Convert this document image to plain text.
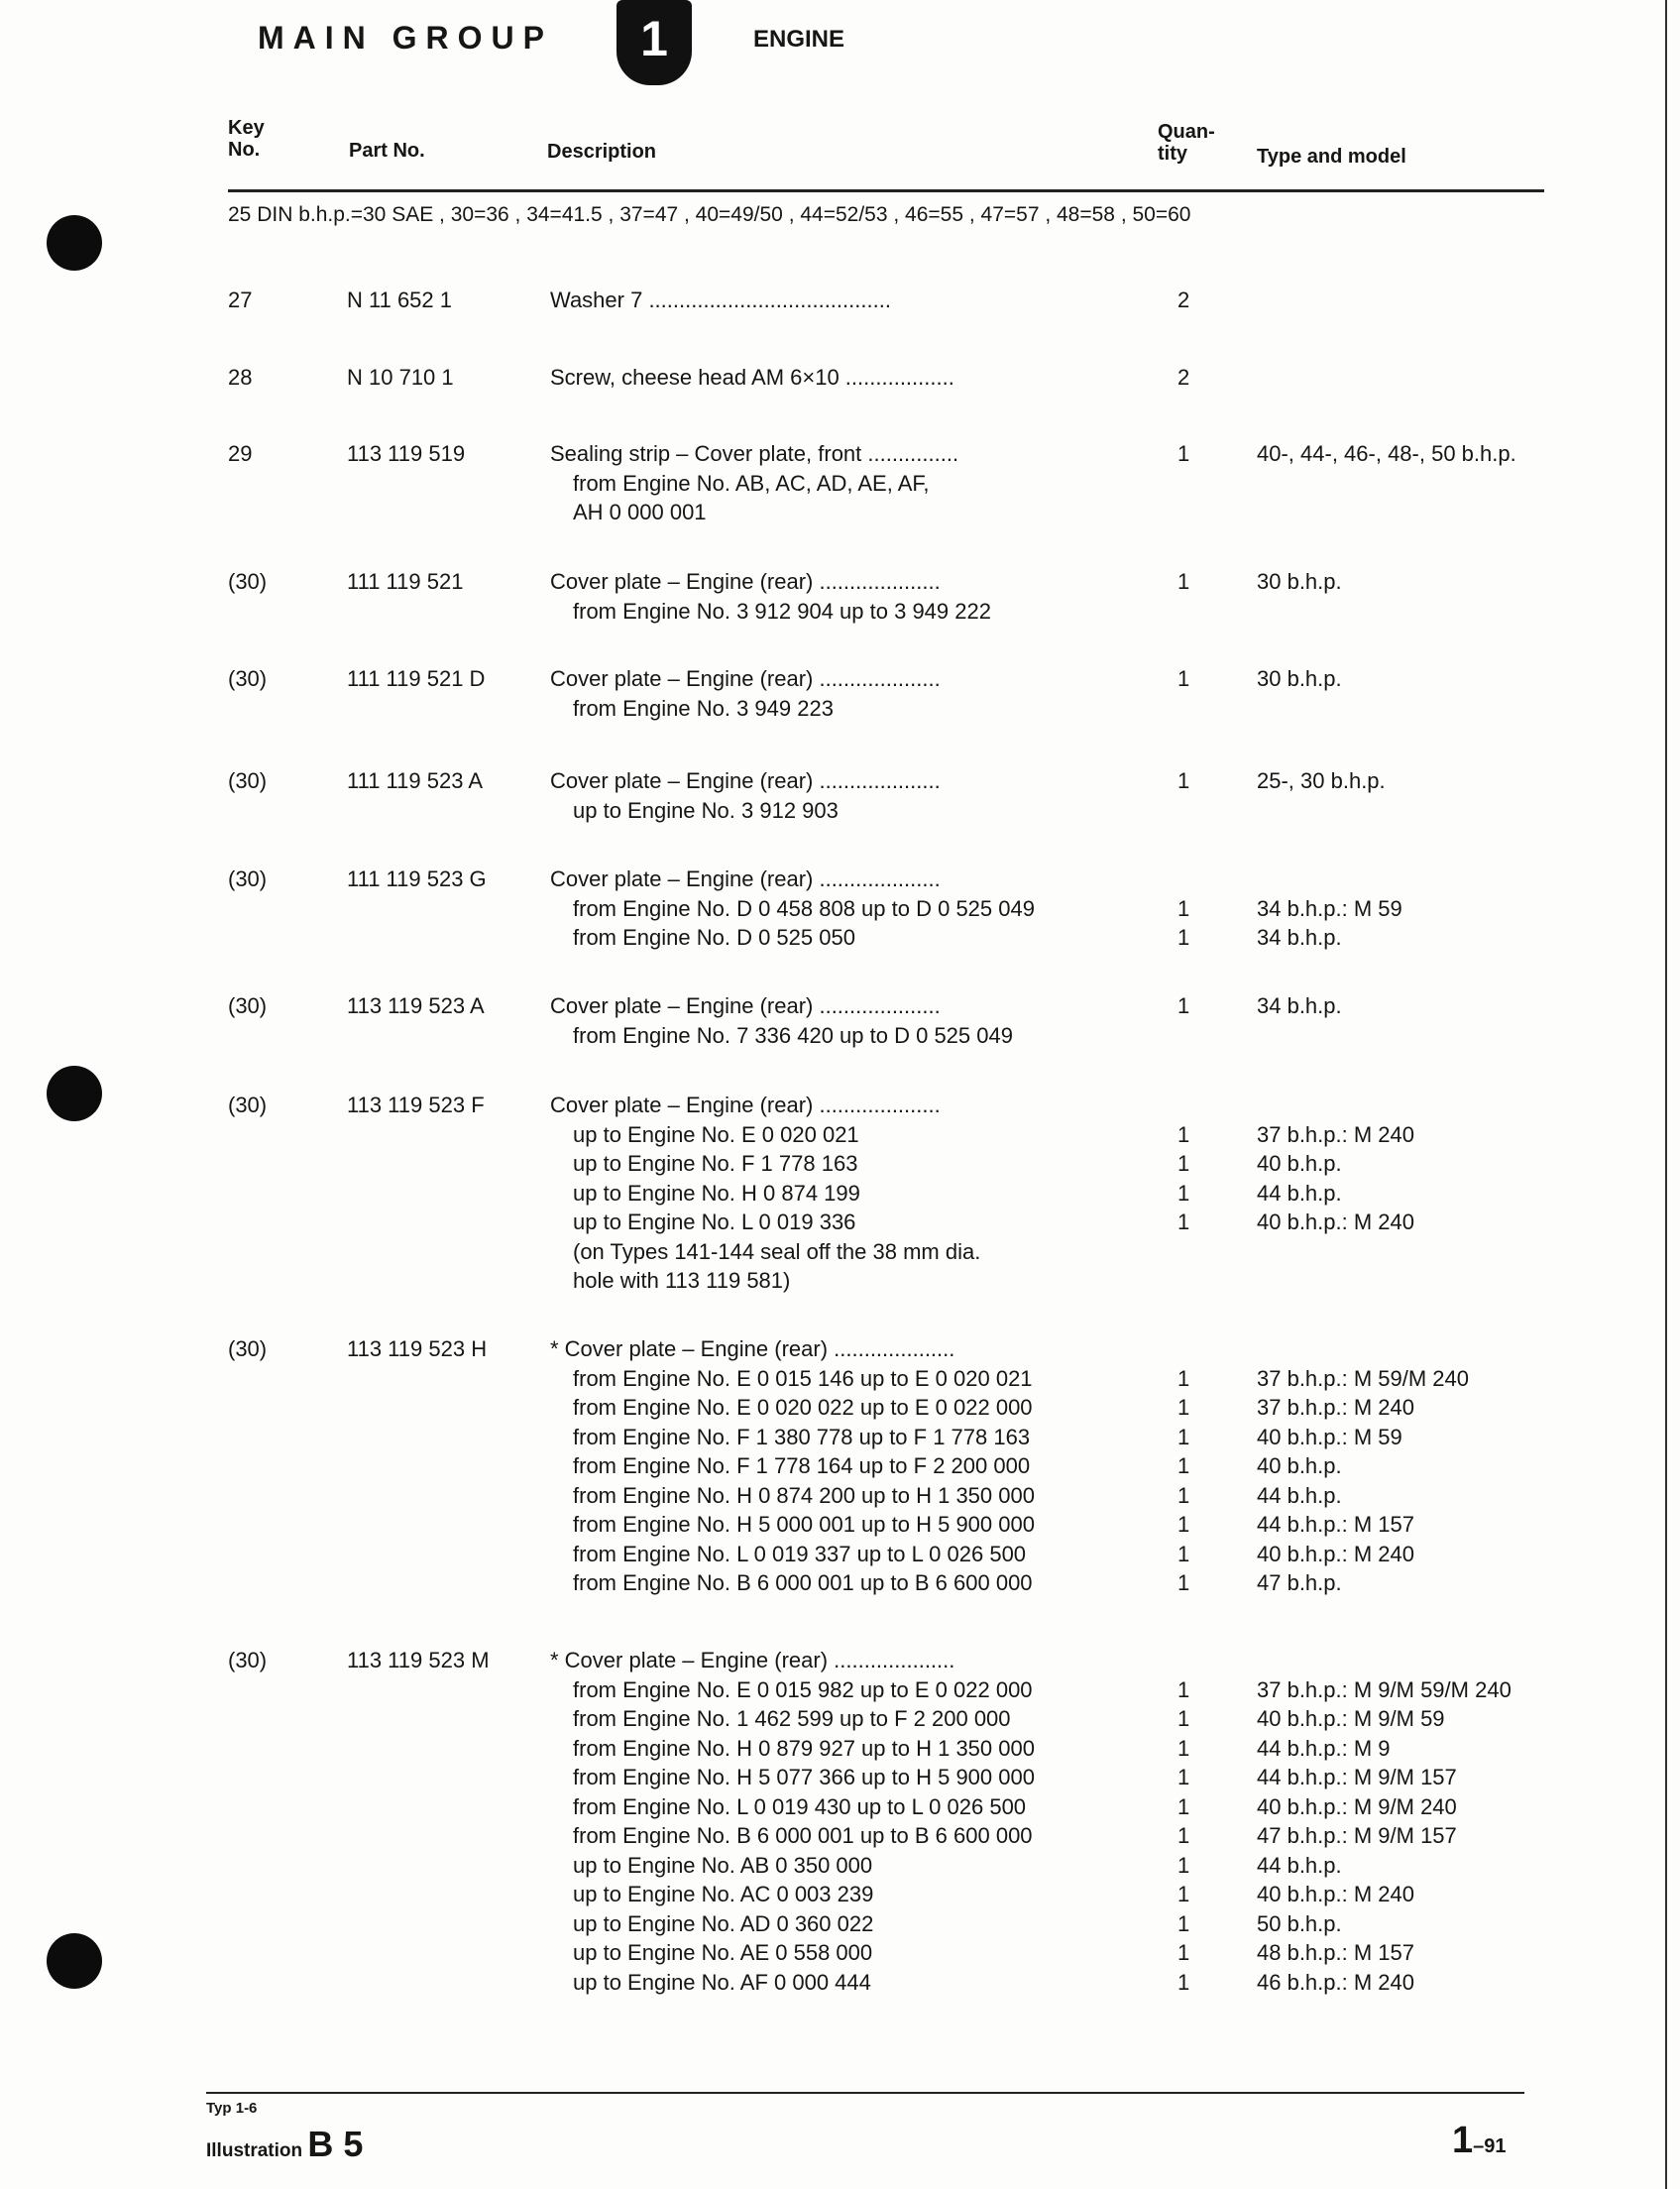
MAIN GROUP	1	ENGINE
Key
No.	Part No.	Description
Quan-
tity	Type and model
25 DIN b.h.p.=30 SAE , 30=36 , 34=41.5 , 37=47 , 40=49/50 , 44=52/53 , 46=55 , 47=57 , 48=58 , 50=60
27	N 11 652 1	Washer 7 ........................................	2
28	N 10 710 1	Screw, cheese head AM 6×10 ..................	2
29	113 119 519	Sealing strip – Cover plate, front ...............	1	40-, 44-, 46-, 48-, 50 b.h.p.
from Engine No. AB, AC, AD, AE, AF,
AH 0 000 001
(30)	111 119 521	Cover plate – Engine (rear) ....................	1	30 b.h.p.
from Engine No. 3 912 904 up to 3 949 222
(30)	111 119 521 D	Cover plate – Engine (rear) ....................	1	30 b.h.p.
from Engine No. 3 949 223
(30)	111 119 523 A	Cover plate – Engine (rear) ....................	1	25-, 30 b.h.p.
up to Engine No. 3 912 903
(30)	111 119 523 G	Cover plate – Engine (rear) ....................
from Engine No. D 0 458 808 up to D 0 525 049	1	34 b.h.p.: M 59
from Engine No. D 0 525 050	1	34 b.h.p.
(30)	113 119 523 A	Cover plate – Engine (rear) ....................	1	34 b.h.p.
from Engine No. 7 336 420 up to D 0 525 049
(30)	113 119 523 F	Cover plate – Engine (rear) ....................
up to Engine No. E 0 020 021	1	37 b.h.p.: M 240
up to Engine No. F 1 778 163	1	40 b.h.p.
up to Engine No. H 0 874 199	1	44 b.h.p.
up to Engine No. L 0 019 336	1	40 b.h.p.: M 240
(on Types 141-144 seal off the 38 mm dia.
hole with 113 119 581)
(30)	113 119 523 H	* Cover plate – Engine (rear) ....................
from Engine No. E 0 015 146 up to E 0 020 021	1	37 b.h.p.: M 59/M 240
from Engine No. E 0 020 022 up to E 0 022 000	1	37 b.h.p.: M 240
from Engine No. F 1 380 778 up to F 1 778 163	1	40 b.h.p.: M 59
from Engine No. F 1 778 164 up to F 2 200 000	1	40 b.h.p.
from Engine No. H 0 874 200 up to H 1 350 000	1	44 b.h.p.
from Engine No. H 5 000 001 up to H 5 900 000	1	44 b.h.p.: M 157
from Engine No. L 0 019 337 up to L 0 026 500	1	40 b.h.p.: M 240
from Engine No. B 6 000 001 up to B 6 600 000	1	47 b.h.p.
(30)	113 119 523 M	* Cover plate – Engine (rear) ....................
from Engine No. E 0 015 982 up to E 0 022 000	1	37 b.h.p.: M 9/M 59/M 240
from Engine No. 1 462 599 up to F 2 200 000	1	40 b.h.p.: M 9/M 59
from Engine No. H 0 879 927 up to H 1 350 000	1	44 b.h.p.: M 9
from Engine No. H 5 077 366 up to H 5 900 000	1	44 b.h.p.: M 9/M 157
from Engine No. L 0 019 430 up to L 0 026 500	1	40 b.h.p.: M 9/M 240
from Engine No. B 6 000 001 up to B 6 600 000	1	47 b.h.p.: M 9/M 157
up to Engine No. AB 0 350 000	1	44 b.h.p.
up to Engine No. AC 0 003 239	1	40 b.h.p.: M 240
up to Engine No. AD 0 360 022	1	50 b.h.p.
up to Engine No. AE 0 558 000	1	48 b.h.p.: M 157
up to Engine No. AF 0 000 444	1	46 b.h.p.: M 240
Typ 1-6
Illustration B 5	1–91
